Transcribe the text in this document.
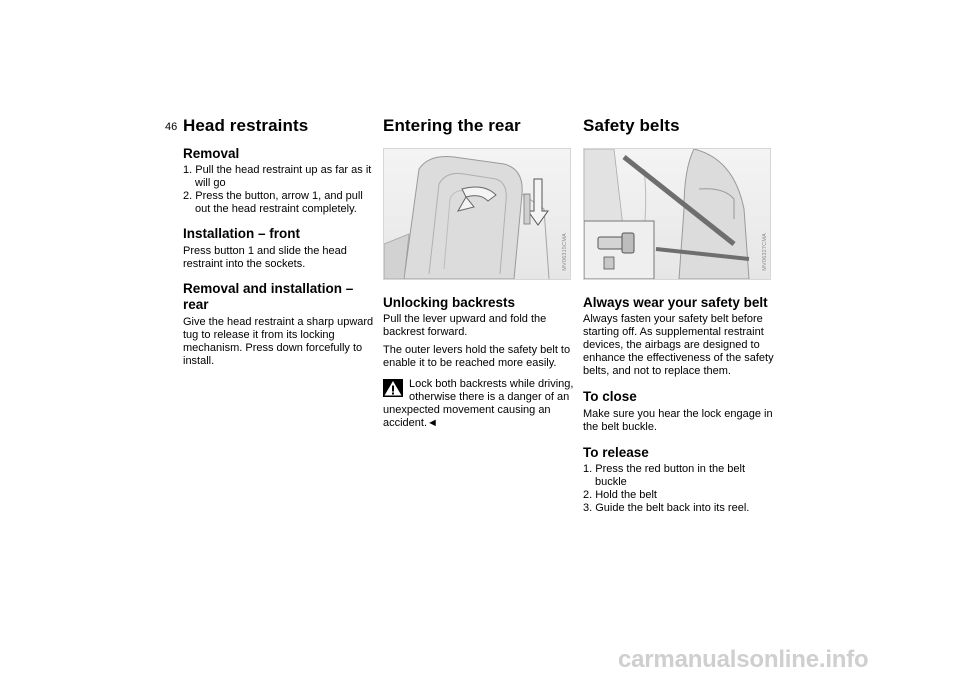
46 Head restraints
Removal
1. Pull the head restraint up as far as it will go
2. Press the button, arrow 1, and pull out the head restraint completely.
Installation – front

Press button 1 and slide the head restraint into the sockets.

Removal and installation – rear

Give the head restraint a sharp upward tug to release it from its locking mechanism. Press down forcefully to install.

Entering the rear
MV06315CMA
Unlocking backrests

Pull the lever upward and fold the backrest forward.

The outer levers hold the safety belt to enable it to be reached more easily.

Lock both backrests while driving,

otherwise there is a danger of an

unexpected movement causing an accident.◄

Safety belts
MV06327CMA
Always wear your safety belt

Always fasten your safety belt before starting off. As supplemental restraint devices, the airbags are designed to enhance the effectiveness of the safety belts, and not to replace them.

To close

Make sure you hear the lock engage in the belt buckle.

To release
1. Press the red button in the belt buckle
2. Hold the belt
3. Guide the belt back into its reel.
carmanualsonline.info
